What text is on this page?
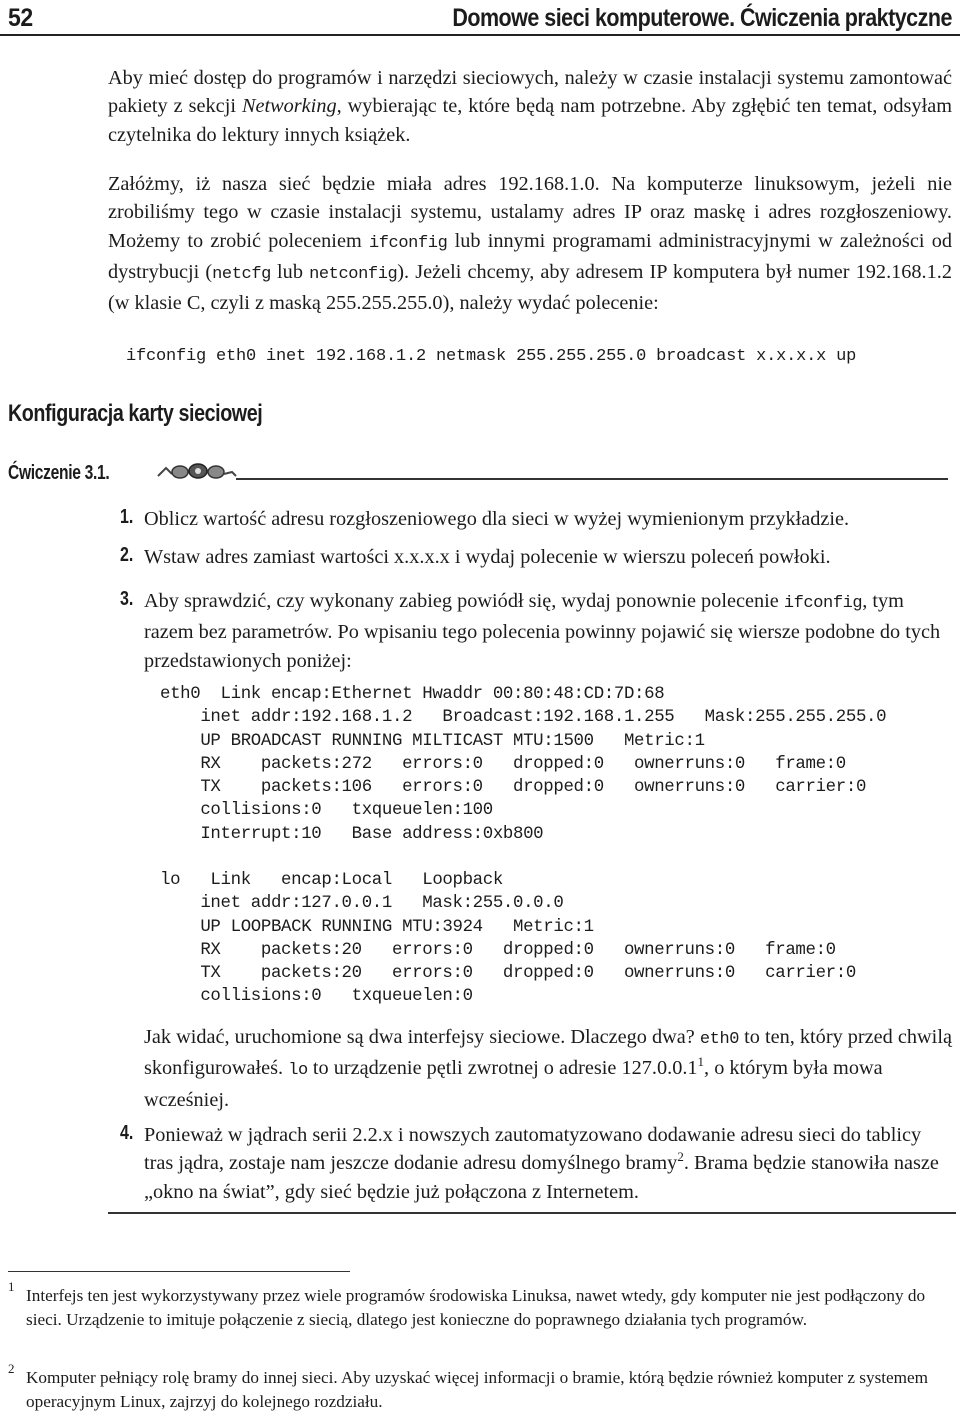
52	Domowe sieci komputerowe. Ćwiczenia praktyczne
Aby mieć dostęp do programów i narzędzi sieciowych, należy w czasie instalacji systemu zamontować pakiety z sekcji Networking, wybierając te, które będą nam potrzebne. Aby zgłębić ten temat, odsyłam czytelnika do lektury innych książek.
Załóżmy, iż nasza sieć będzie miała adres 192.168.1.0. Na komputerze linuksowym, jeżeli nie zrobiliśmy tego w czasie instalacji systemu, ustalamy adres IP oraz maskę i adres rozgłoszeniowy. Możemy to zrobić poleceniem ifconfig lub innymi programami administracyjnymi w zależności od dystrybucji (netcfg lub netconfig). Jeżeli chcemy, aby adresem IP komputera był numer 192.168.1.2 (w klasie C, czyli z maską 255.255.255.0), należy wydać polecenie:
ifconfig eth0 inet 192.168.1.2 netmask 255.255.255.0 broadcast x.x.x.x up
Konfiguracja karty sieciowej
Ćwiczenie 3.1.
1. Oblicz wartość adresu rozgłoszeniowego dla sieci w wyżej wymienionym przykładzie.
2. Wstaw adres zamiast wartości x.x.x.x i wydaj polecenie w wierszu poleceń powłoki.
3. Aby sprawdzić, czy wykonany zabieg powiódł się, wydaj ponownie polecenie ifconfig, tym razem bez parametrów. Po wpisaniu tego polecenia powinny pojawić się wiersze podobne do tych przedstawionych poniżej:
eth0  Link encap:Ethernet Hwaddr 00:80:48:CD:7D:68
inet addr:192.168.1.2   Broadcast:192.168.1.255   Mask:255.255.255.0
UP BROADCAST RUNNING MILTICAST MTU:1500   Metric:1
RX    packets:272   errors:0   dropped:0   ownerruns:0   frame:0
TX    packets:106   errors:0   dropped:0   ownerruns:0   carrier:0
collisions:0   txqueuelen:100
Interrupt:10   Base address:0xb800
lo   Link   encap:Local   Loopback
inet addr:127.0.0.1   Mask:255.0.0.0
UP LOOPBACK RUNNING MTU:3924   Metric:1
RX    packets:20   errors:0   dropped:0   ownerruns:0   frame:0
TX    packets:20   errors:0   dropped:0   ownerruns:0   carrier:0
collisions:0   txqueuelen:0
Jak widać, uruchomione są dwa interfejsy sieciowe. Dlaczego dwa? eth0 to ten, który przed chwilą skonfigurowałeś. lo to urządzenie pętli zwrotnej o adresie 127.0.0.1$^1$, o którym była mowa wcześniej.
4. Ponieważ w jądrach serii 2.2.x i nowszych zautomatyzowano dodawanie adresu sieci do tablicy tras jądra, zostaje nam jeszcze dodanie adresu domyślnego bramy$^2$. Brama będzie stanowiła nasze „okno na świat”, gdy sieć będzie już połączona z Internetem.
1 Interfejs ten jest wykorzystywany przez wiele programów środowiska Linuksa, nawet wtedy, gdy komputer nie jest podłączony do sieci. Urządzenie to imituje połączenie z siecią, dlatego jest konieczne do poprawnego działania tych programów.
2 Komputer pełniący rolę bramy do innej sieci. Aby uzyskać więcej informacji o bramie, którą będzie również komputer z systemem operacyjnym Linux, zajrzyj do kolejnego rozdziału.
